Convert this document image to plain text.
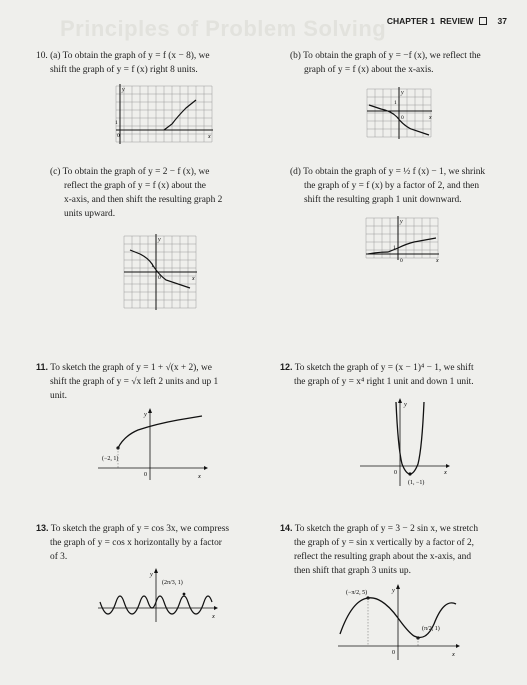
Principles of Problem Solving CHAPTER 1 REVIEW	37
10. (a) To obtain the graph of y = f (x − 8), we
shift the graph of y = f (x) right 8 units.
y
x
0
1
(b) To obtain the graph of y = −f (x), we reflect the
graph of y = f (x) about the x-axis.
y
x
0
1
(c) To obtain the graph of y = 2 − f (x), we
reflect the graph of y = f (x) about the
x-axis, and then shift the resulting graph 2
units upward.
y
x
0
1
(d) To obtain the graph of y = ½ f (x) − 1, we shrink
the graph of y = f (x) by a factor of 2, and then
shift the resulting graph 1 unit downward.
y
x
0
1
11. To sketch the graph of y = 1 + √(x + 2), we
shift the graph of y = √x left 2 units and up 1
unit.
y
x
0
(−2, 1)
12. To sketch the graph of y = (x − 1)⁴ − 1, we shift
the graph of y = x⁴ right 1 unit and down 1 unit.
y
x
0
(1, −1)
13. To sketch the graph of y = cos 3x, we compress
the graph of y = cos x horizontally by a factor
of 3.
y
x
(2π/3, 1)
14. To sketch the graph of y = 3 − 2 sin x, we stretch
the graph of y = sin x vertically by a factor of 2,
reflect the resulting graph about the x-axis, and
then shift that graph 3 units up.
y
x
0
(−π/2, 5)
(π/2, 1)
